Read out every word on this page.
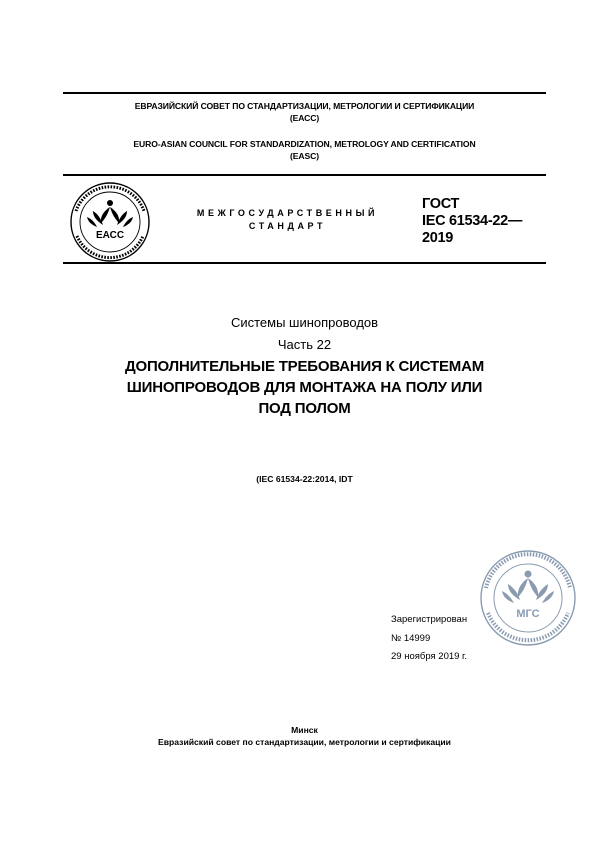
ЕВРАЗИЙСКИЙ СОВЕТ ПО СТАНДАРТИЗАЦИИ, МЕТРОЛОГИИ И СЕРТИФИКАЦИИ
(ЕАСС)
EURO-ASIAN COUNCIL FOR STANDARDIZATION, METROLOGY AND CERTIFICATION
(EASC)
ЕАСС
МЕЖГОСУДАРСТВЕННЫЙ
СТАНДАРТ
ГОСТ
IEC 61534-22—
2019
Системы шинопроводов
Часть 22
ДОПОЛНИТЕЛЬНЫЕ ТРЕБОВАНИЯ К СИСТЕМАМ
ШИНОПРОВОДОВ ДЛЯ МОНТАЖА НА ПОЛУ ИЛИ
ПОД ПОЛОМ
(IEC 61534-22:2014, IDT
МГС
Зарегистрирован
№ 14999
29 ноября 2019 г.
Минск
Евразийский совет по стандартизации, метрологии и сертификации
